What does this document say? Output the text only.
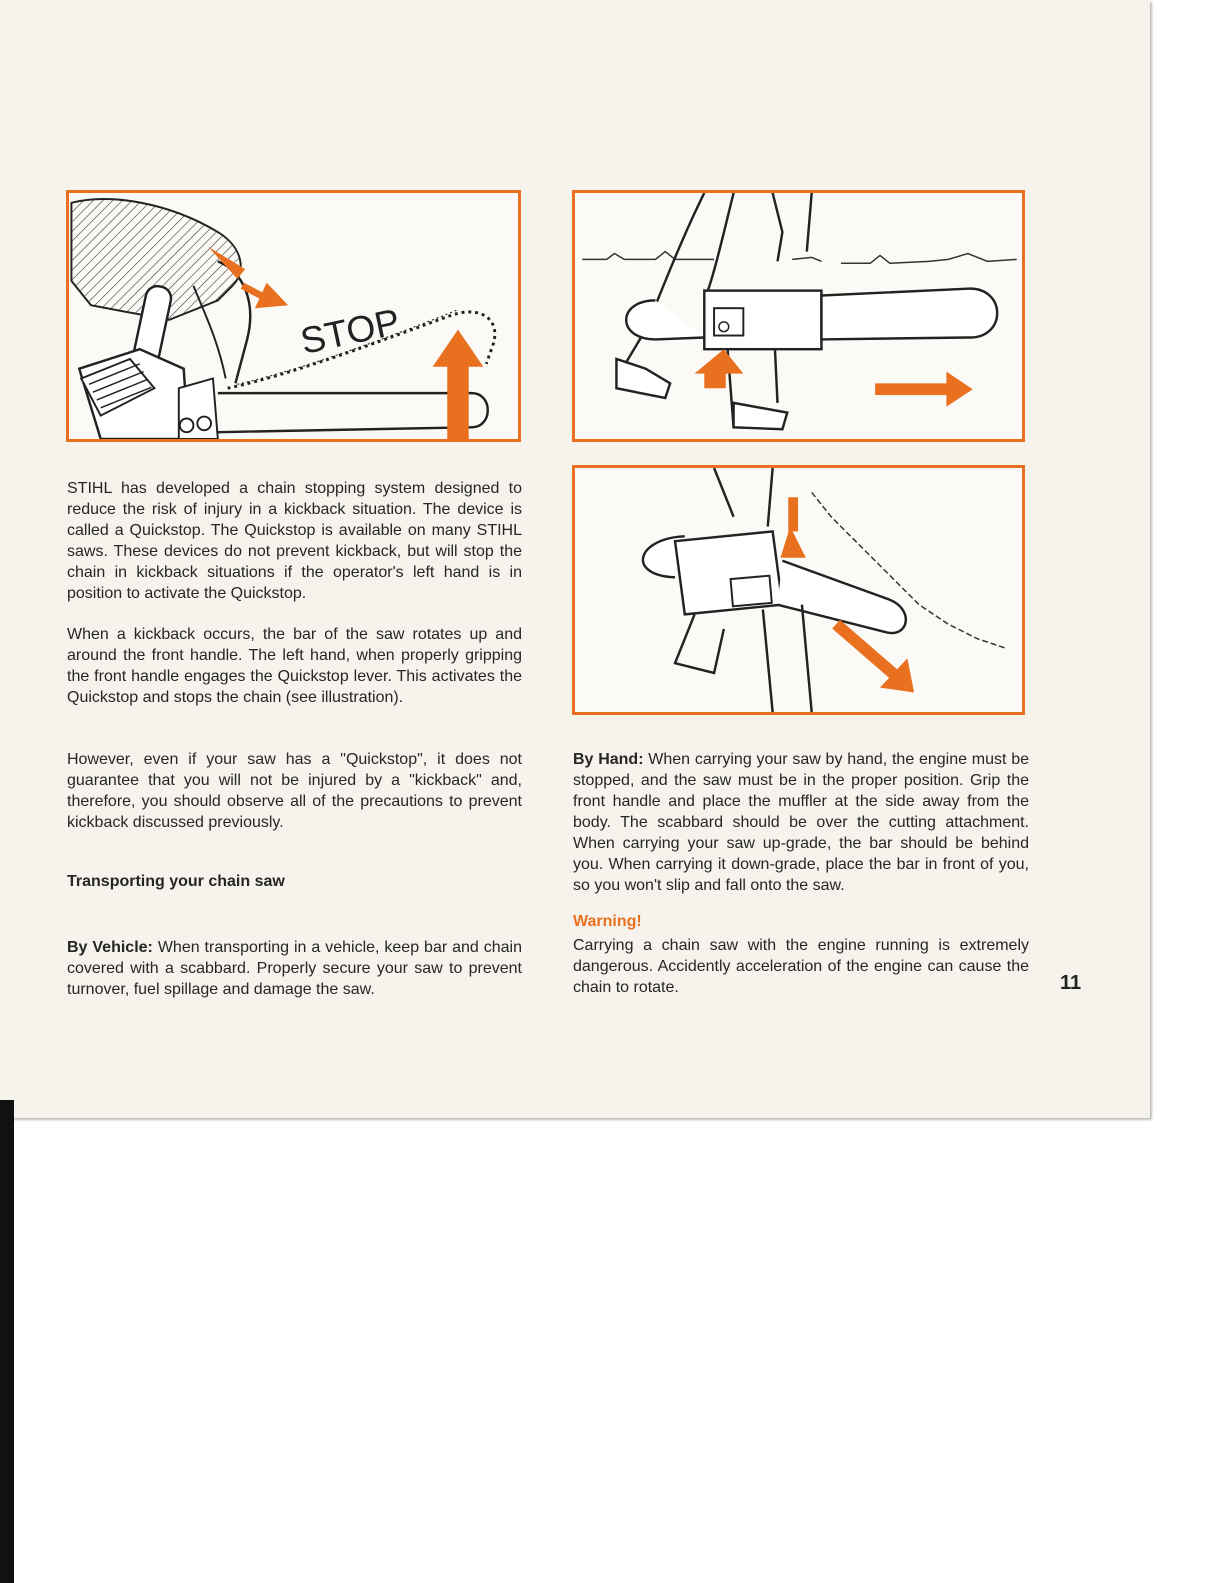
STOP

STIHL has developed a chain stopping system designed to reduce the risk of injury in a kickback situation. The device is called a Quickstop. The Quickstop is available on many STIHL saws. These devices do not prevent kickback, but will stop the chain in kickback situations if the operator's left hand is in position to activate the Quickstop.

When a kickback occurs, the bar of the saw rotates up and around the front handle. The left hand, when properly gripping the front handle engages the Quickstop lever. This activates the Quickstop and stops the chain (see illustration).

However, even if your saw has a "Quickstop", it does not guarantee that you will not be injured by a "kickback" and, therefore, you should observe all of the precautions to prevent kickback discussed previously.

Transporting your chain saw

By Vehicle: When transporting in a vehicle, keep bar and chain covered with a scabbard. Properly secure your saw to prevent turnover, fuel spillage and damage the saw.

By Hand: When carrying your saw by hand, the engine must be stopped, and the saw must be in the proper position. Grip the front handle and place the muffler at the side away from the body. The scabbard should be over the cutting attachment. When carrying your saw up-grade, the bar should be behind you. When carrying it down-grade, place the bar in front of you, so you won't slip and fall onto the saw.

Warning!

Carrying a chain saw with the engine running is extremely dangerous. Accidently acceleration of the engine can cause the chain to rotate.	11
